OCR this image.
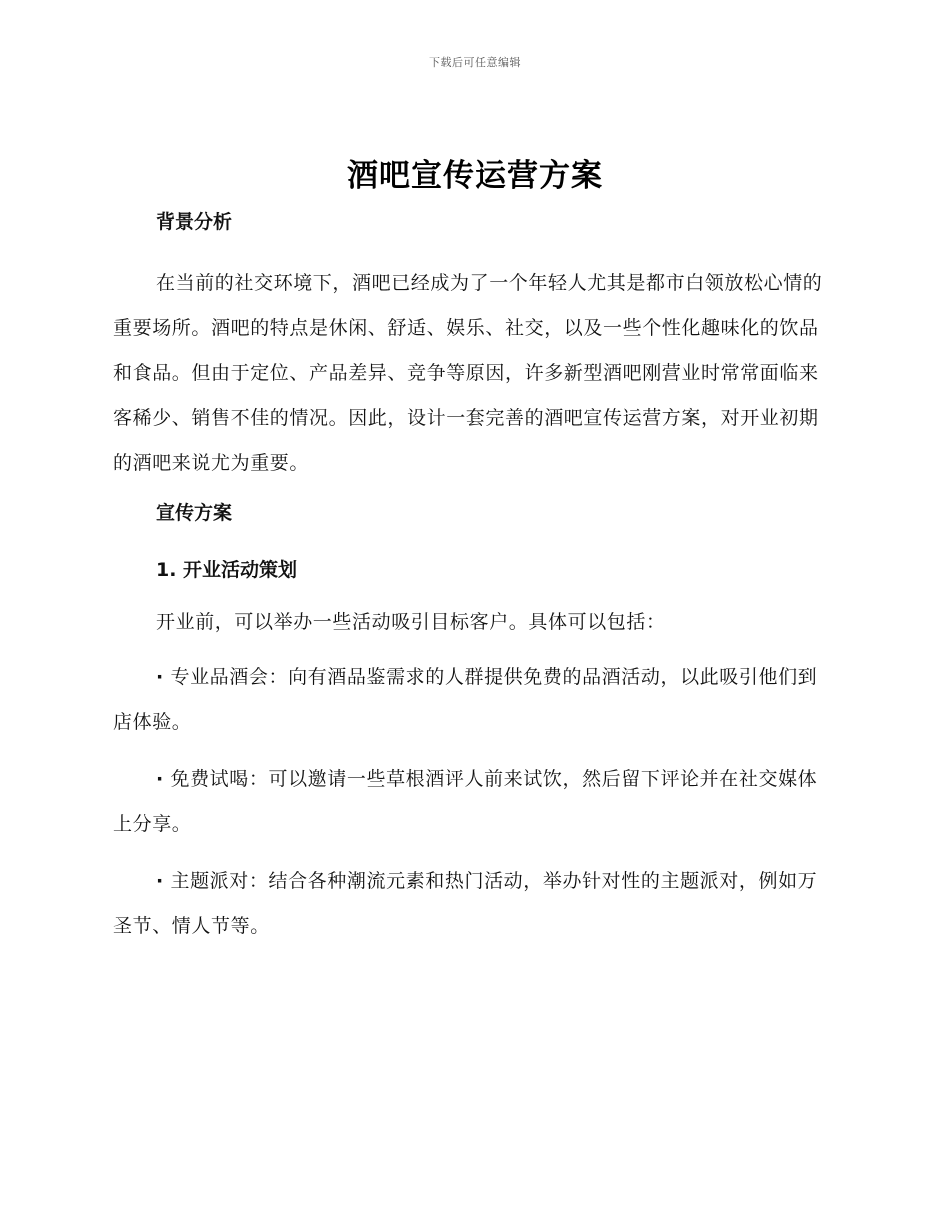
下载后可任意编辑
酒吧宣传运营方案
背景分析

在当前的社交环境下，酒吧已经成为了一个年轻人尤其是都市白领放松心情的重要场所。酒吧的特点是休闲、舒适、娱乐、社交，以及一些个性化趣味化的饮品和食品。但由于定位、产品差异、竞争等原因，许多新型酒吧刚营业时常常面临来客稀少、销售不佳的情况。因此，设计一套完善的酒吧宣传运营方案，对开业初期的酒吧来说尤为重要。

宣传方案
1. 开业活动策划

开业前，可以举办一些活动吸引目标客户。具体可以包括：

· 专业品酒会：向有酒品鉴需求的人群提供免费的品酒活动，以此吸引他们到店体验。

· 免费试喝：可以邀请一些草根酒评人前来试饮，然后留下评论并在社交媒体上分享。

· 主题派对：结合各种潮流元素和热门活动，举办针对性的主题派对，例如万圣节、情人节等。
